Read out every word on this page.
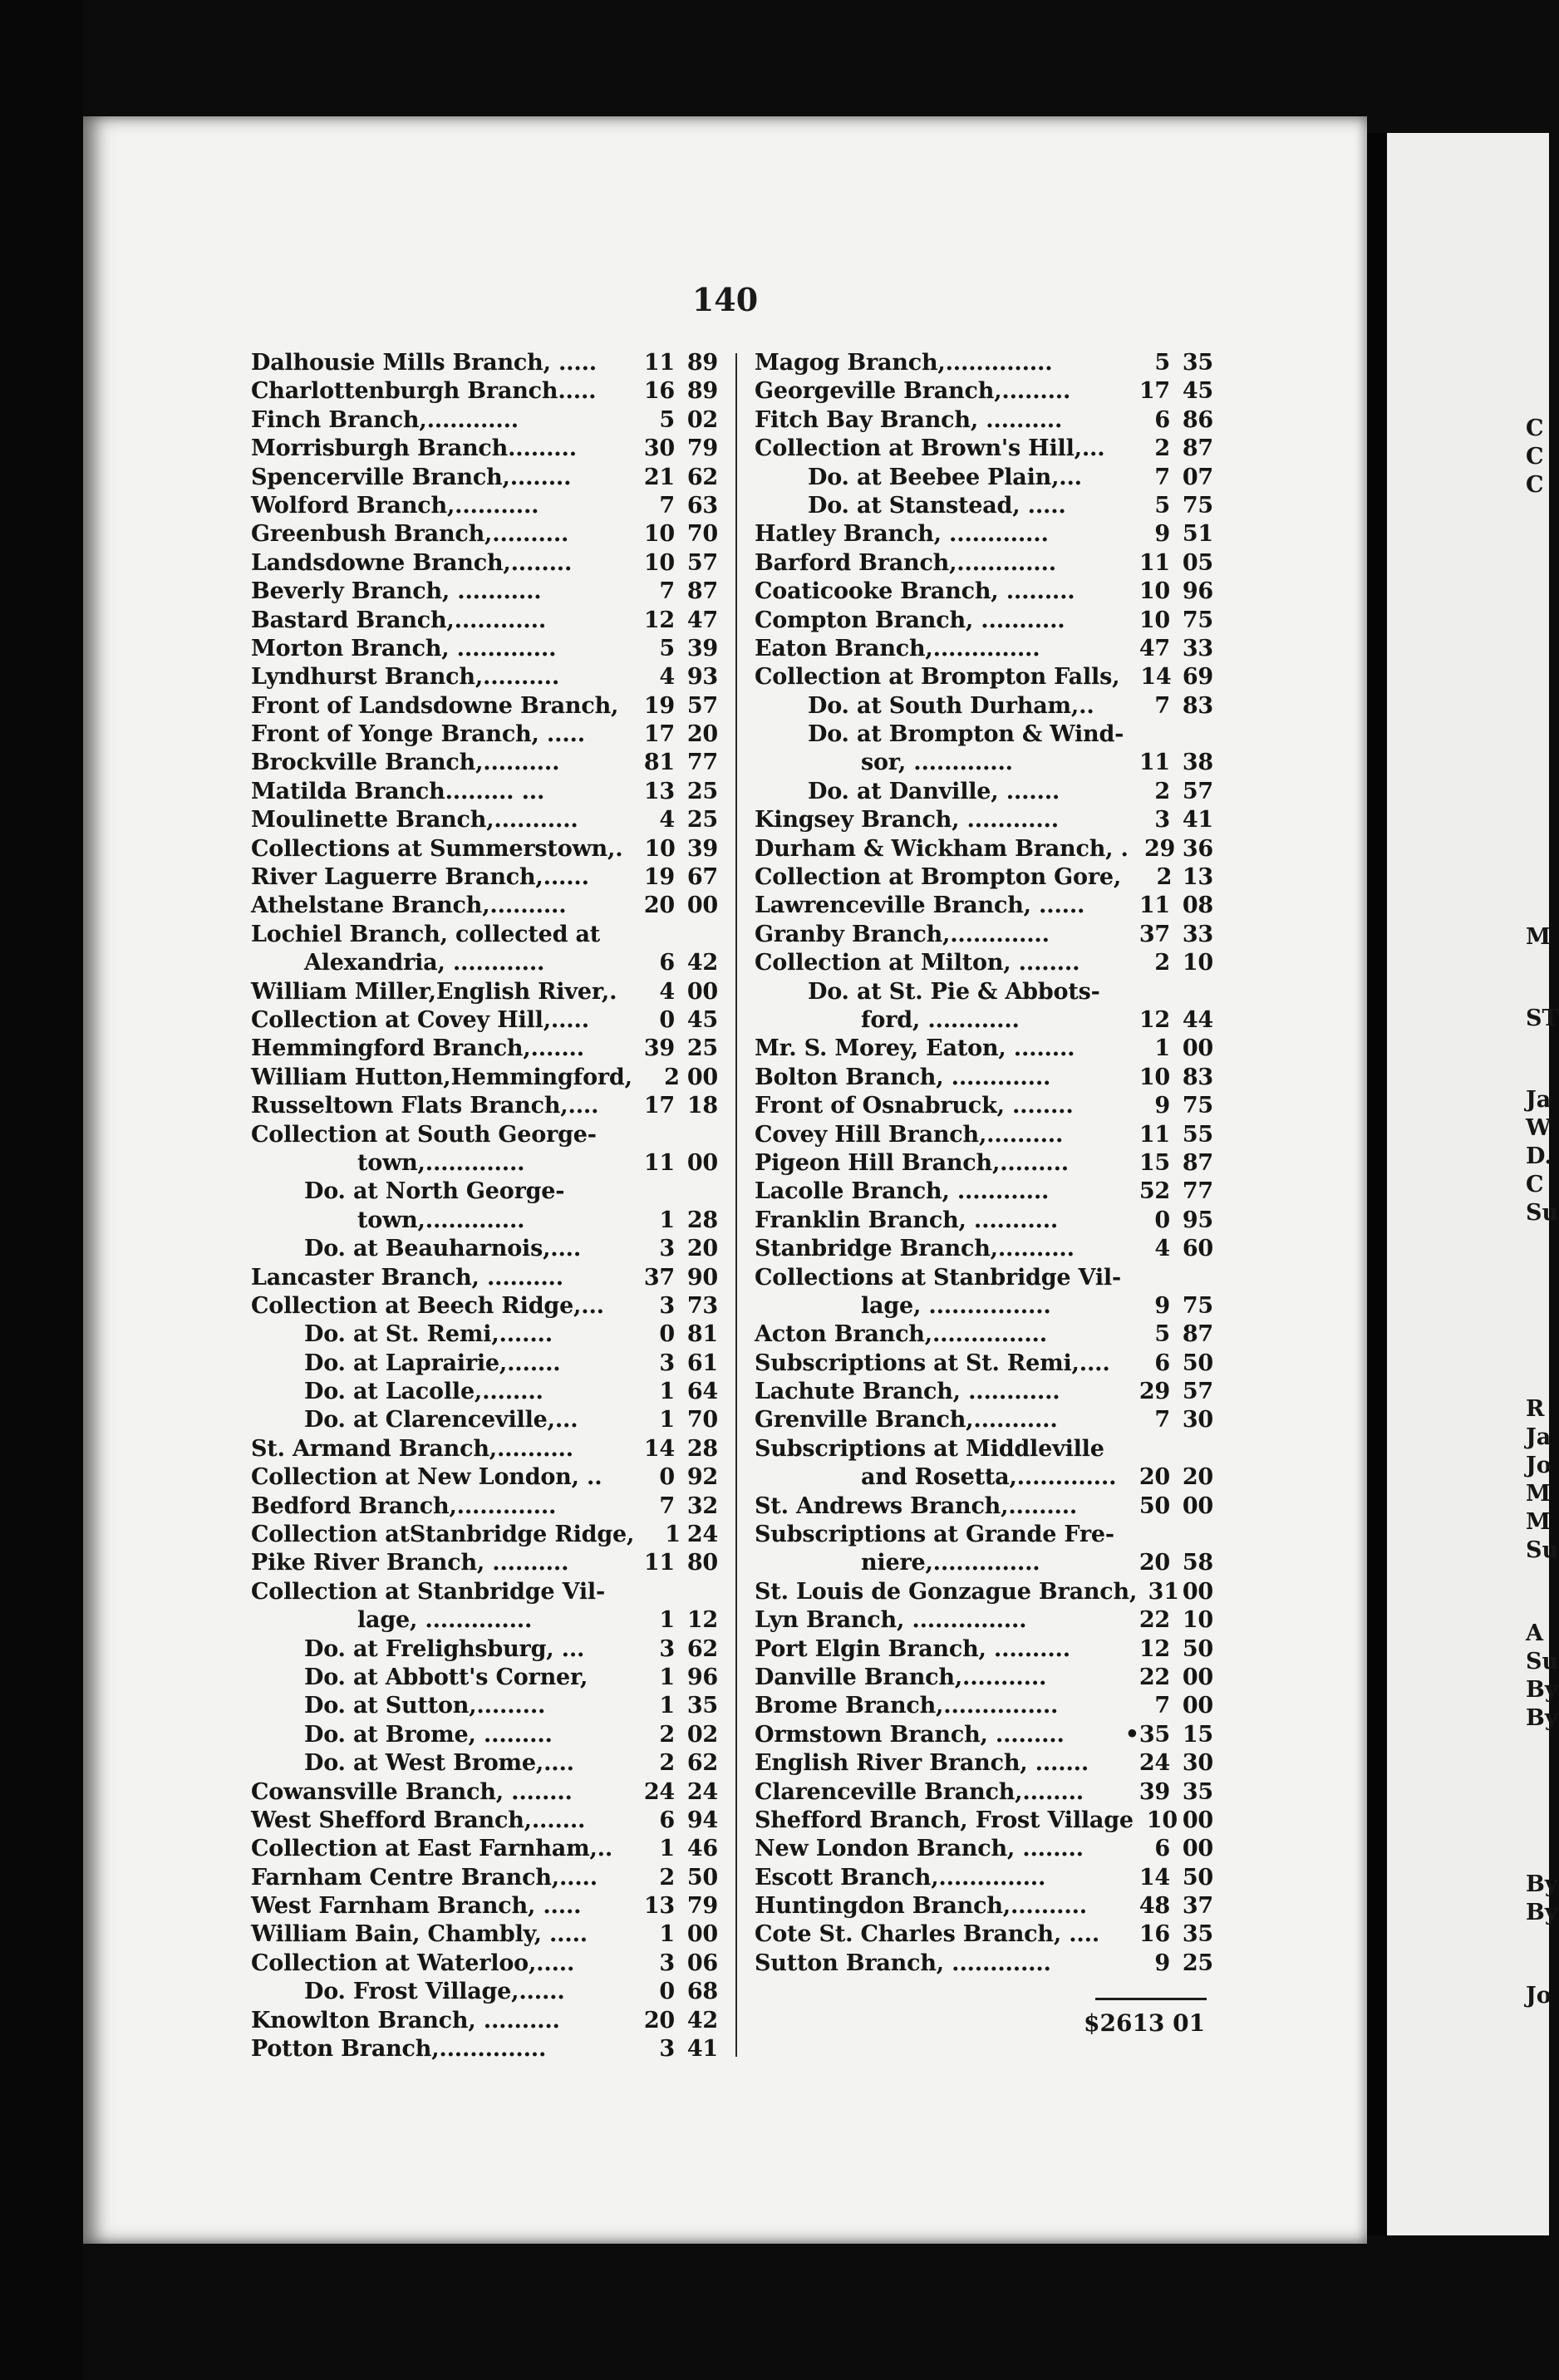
140
Dalhousie Mills Branch, .....	11 89
Charlottenburgh Branch.....	16 89
Finch Branch,............	5 02
Morrisburgh Branch.........	30 79
Spencerville Branch,........	21 62
Wolford Branch,...........	7 63
Greenbush Branch,..........	10 70
Landsdowne Branch,........	10 57
Beverly Branch, ...........	7 87
Bastard Branch,............	12 47
Morton Branch, .............	5 39
Lyndhurst Branch,..........	4 93
Front of Landsdowne Branch,	19 57
Front of Yonge Branch, .....	17 20
Brockville Branch,..........	81 77
Matilda Branch......... ...	13 25
Moulinette Branch,...........	4 25
Collections at Summerstown,. 10 39
River Laguerre Branch,......	19 67
Athelstane Branch,..........	20 00
Lochiel Branch, collected at
Alexandria, ............	6 42
William Miller,English River,.	4 00
Collection at Covey Hill,.....	0 45
Hemmingford Branch,.......	39 25
William Hutton,Hemmingford,	2 00
Russeltown Flats Branch,....	17 18
Collection at South George-
town,.............	11 00
Do. at North George-
town,.............	1 28
Do. at Beauharnois,....	3 20
Lancaster Branch, ..........	37 90
Collection at Beech Ridge,...	3 73
Do. at St. Remi,.......	0 81
Do. at Laprairie,.......	3 61
Do. at Lacolle,........	1 64
Do. at Clarenceville,...	1 70
St. Armand Branch,..........	14 28
Collection at New London, ..	0 92
Bedford Branch,.............	7 32
Collection atStanbridge Ridge,	1 24
Pike River Branch, ..........	11 80
Collection at Stanbridge Vil-
lage, ..............	1 12
Do. at Frelighsburg, ...	3 62
Do. at Abbott's Corner,	1 96
Do. at Sutton,.........	1 35
Do. at Brome, .........	2 02
Do. at West Brome,....	2 62
Cowansville Branch, ........	24 24
West Shefford Branch,.......	6 94
Collection at East Farnham,..	1 46
Farnham Centre Branch,.....	2 50
West Farnham Branch, .....	13 79
William Bain, Chambly, .....	1 00
Collection at Waterloo,.....	3 06
Do. Frost Village,......	0 68
Knowlton Branch, ..........	20 42
Potton Branch,..............	3 41
Magog Branch,..............	5 35
Georgeville Branch,.........	17 45
Fitch Bay Branch, ..........	6 86
Collection at Brown's Hill,...	2 87
Do. at Beebee Plain,...	7 07
Do. at Stanstead, .....	5 75
Hatley Branch, .............	9 51
Barford Branch,.............	11 05
Coaticooke Branch, .........	10 96
Compton Branch, ...........	10 75
Eaton Branch,..............	47 33
Collection at Brompton Falls, 14 69
Do. at South Durham,..	7 83
Do. at Brompton & Wind-
sor, .............	11 38
Do. at Danville, .......	2 57
Kingsey Branch, ............	3 41
Durham & Wickham Branch, . 29 36
Collection at Brompton Gore,	2 13
Lawrenceville Branch, ......	11 08
Granby Branch,.............	37 33
Collection at Milton, ........	2 10
Do. at St. Pie & Abbots-
ford, ............	12 44
Mr. S. Morey, Eaton, ........	1 00
Bolton Branch, .............	10 83
Front of Osnabruck, ........	9 75
Covey Hill Branch,..........	11 55
Pigeon Hill Branch,.........	15 87
Lacolle Branch, ............	52 77
Franklin Branch, ...........	0 95
Stanbridge Branch,..........	4 60
Collections at Stanbridge Vil-
lage, ................	9 75
Acton Branch,...............	5 87
Subscriptions at St. Remi,....	6 50
Lachute Branch, ............	29 57
Grenville Branch,...........	7 30
Subscriptions at Middleville
and Rosetta,.............	20 20
St. Andrews Branch,.........	50 00
Subscriptions at Grande Fre-
niere,..............	20 58
St. Louis de Gonzague Branch, 31 00
Lyn Branch, ...............	22 10
Port Elgin Branch, ..........	12 50
Danville Branch,...........	22 00
Brome Branch,...............	7 00
Ormstown Branch, .........	•35 15
English River Branch, .......	24 30
Clarenceville Branch,........	39 35
Shefford Branch, Frost Village 10 00
New London Branch, ........	6 00
Escott Branch,..............	14 50
Huntingdon Branch,..........	48 37
Cote St. Charles Branch, ....	16 35
Sutton Branch, .............	9 25
$2613 01
C
C
C
M
ST
Ja
W
D.
C
Su
R
Ja
Jo
M
M
Su
A
Su
By
By
By
By
Jo
